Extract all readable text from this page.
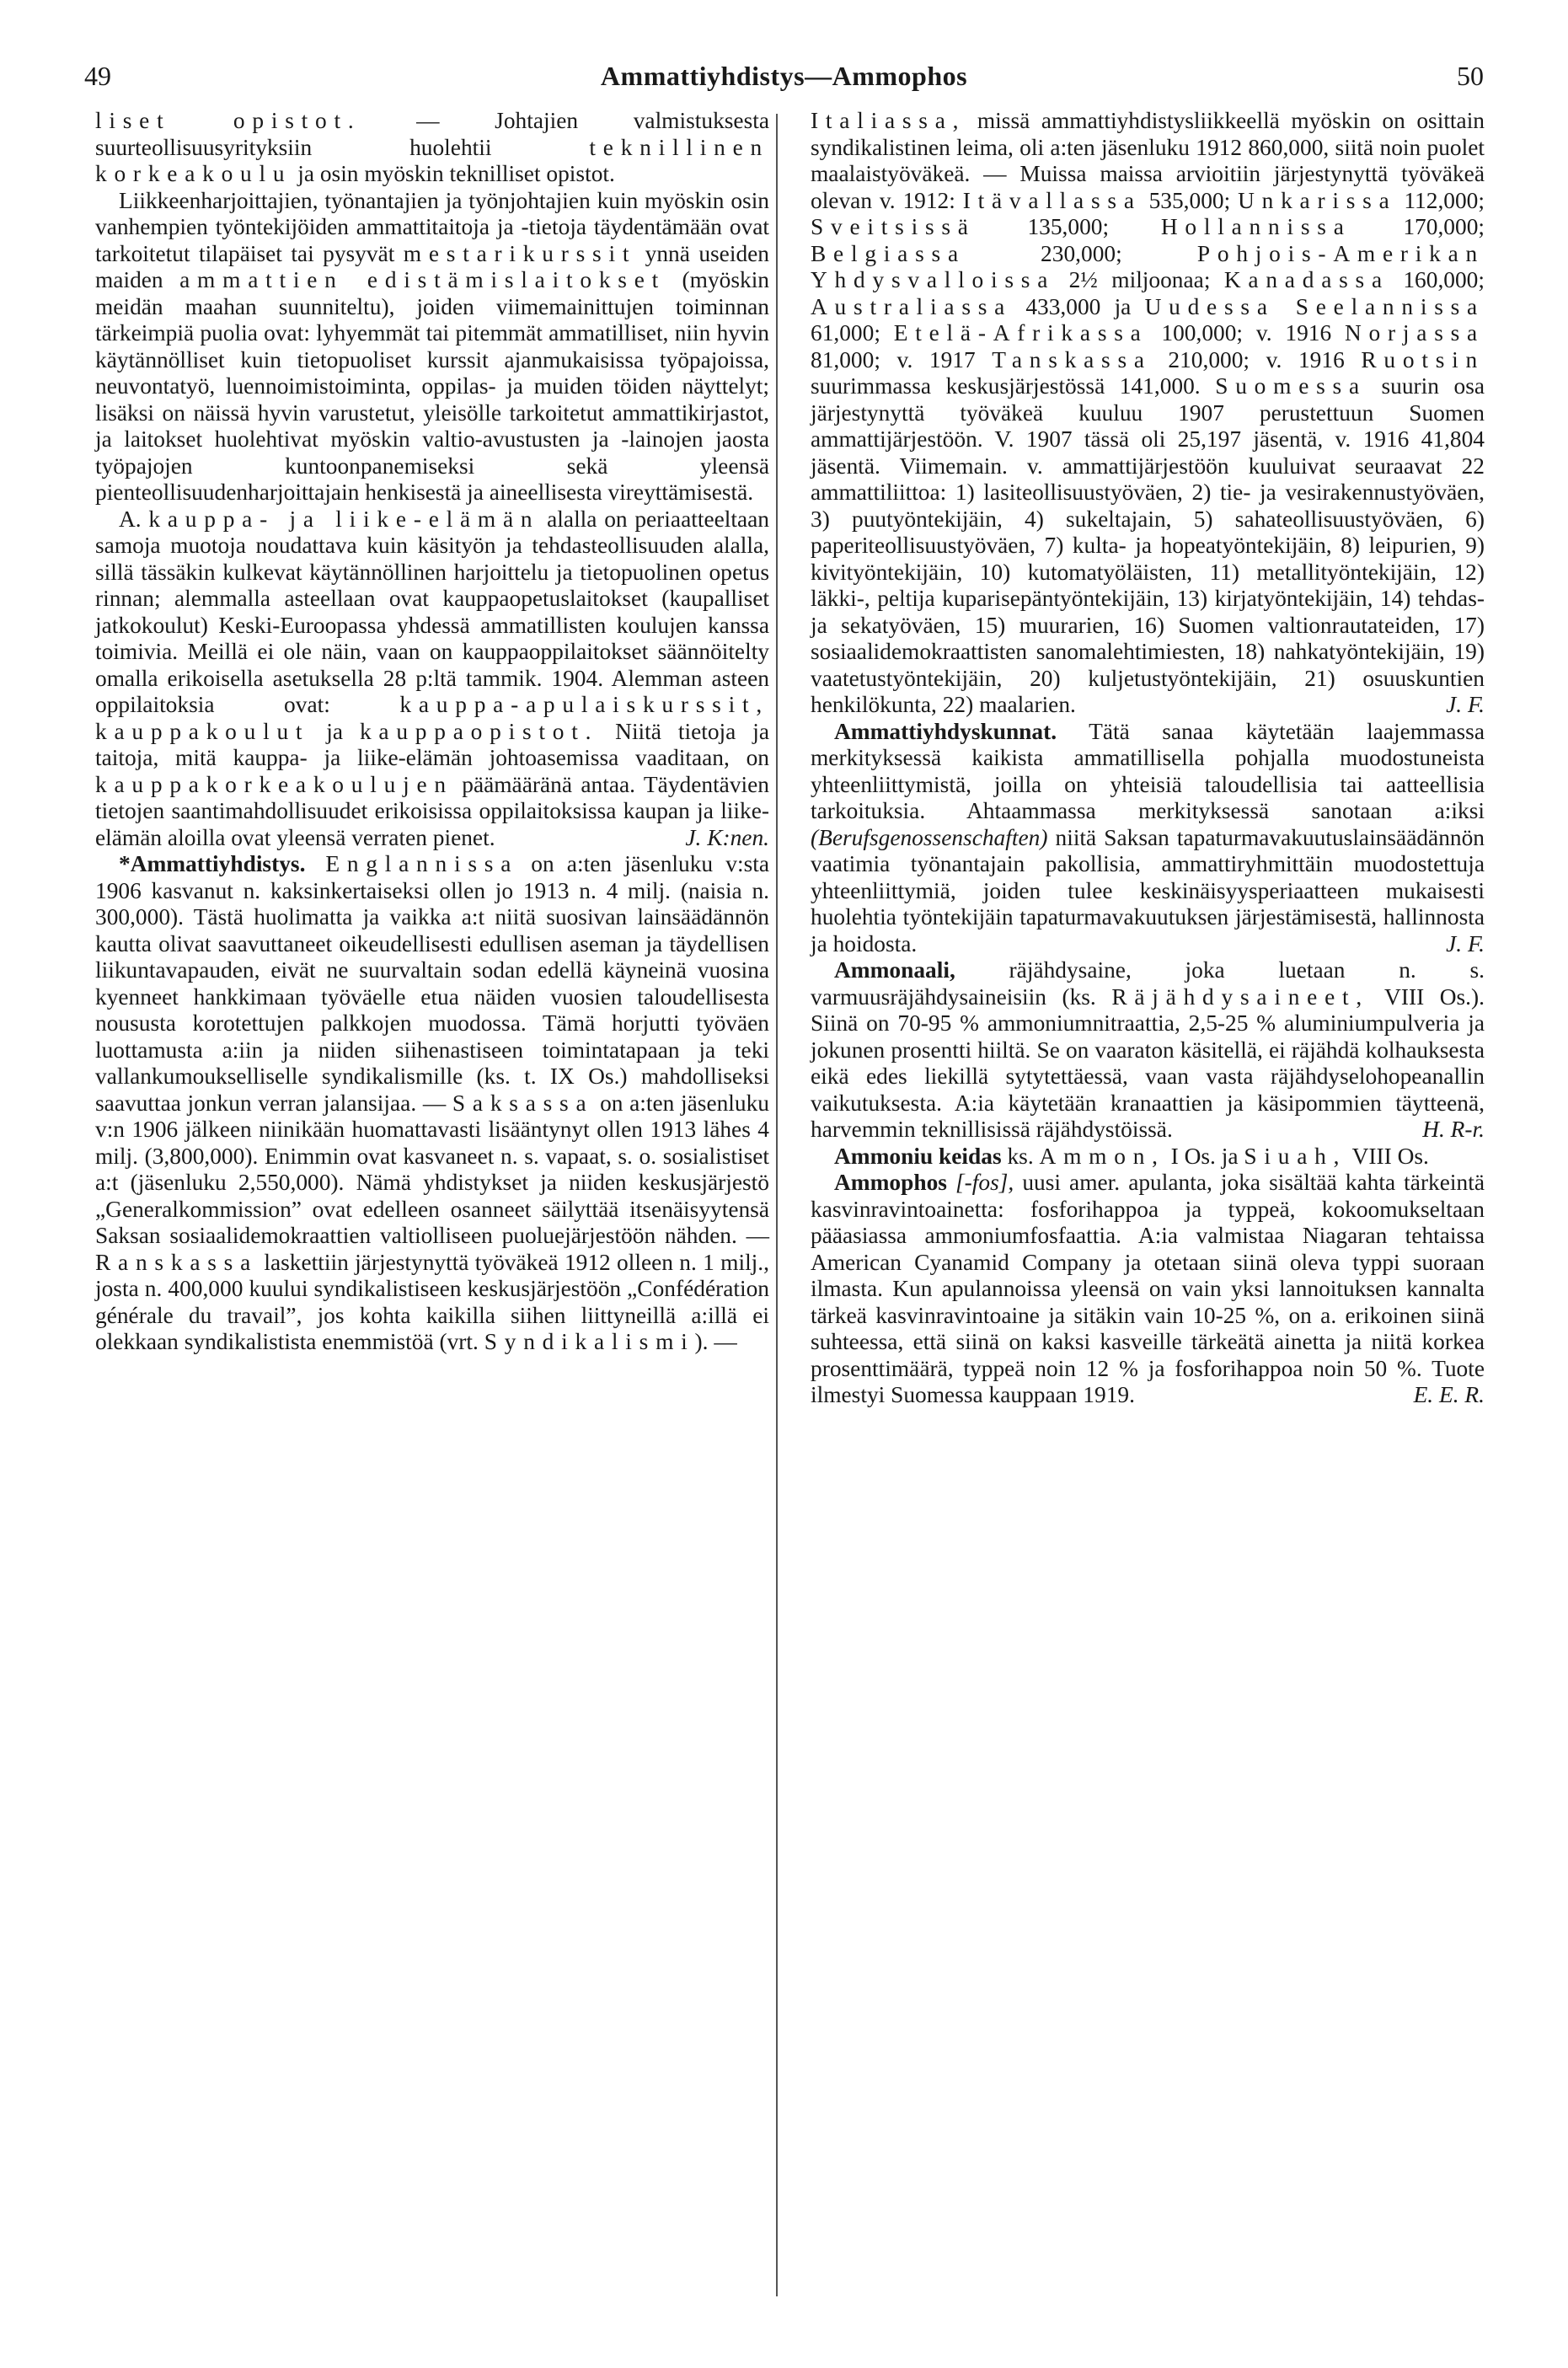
49	Ammattiyhdistys—Ammophos	50

liset opistot. — Johtajien valmistuksesta suurteollisuusyrityksiin huolehtii teknillinen korkeakoulu ja osin myöskin teknilliset opistot.

Liikkeenharjoittajien, työnantajien ja työnjohtajien kuin myöskin osin vanhempien työntekijöiden ammattitaitoja ja -tietoja täydentämään ovat tarkoitetut tilapäiset tai pysyvät mestarikurssit ynnä useiden maiden ammattien edistämislaitokset (myöskin meidän maahan suunniteltu), joiden viimemainittujen toiminnan tärkeimpiä puolia ovat: lyhyemmät tai pitemmät ammatilliset, niin hyvin käytännölliset kuin tietopuoliset kurssit ajanmukaisissa työpajoissa, neuvontatyö, luennoimistoiminta, oppilas- ja muiden töiden näyttelyt; lisäksi on näissä hyvin varustetut, yleisölle tarkoitetut ammattikirjastot, ja laitokset huolehtivat myöskin valtio-avustusten ja -lainojen jaosta työpajojen kuntoonpanemiseksi sekä yleensä pienteollisuudenharjoittajain henkisestä ja aineellisesta vireyttämisestä.

A. kauppa- ja liike-elämän alalla on periaatteeltaan samoja muotoja noudattava kuin käsityön ja tehdasteollisuuden alalla, sillä tässäkin kulkevat käytännöllinen harjoittelu ja tietopuolinen opetus rinnan; alemmalla asteellaan ovat kauppaopetuslaitokset (kaupalliset jatkokoulut) Keski-Euroopassa yhdessä ammatillisten koulujen kanssa toimivia. Meillä ei ole näin, vaan on kauppaoppilaitokset säännöitelty omalla erikoisella asetuksella 28 p:ltä tammik. 1904. Alemman asteen oppilaitoksia ovat: kauppa-apulaiskurssit, kauppakoulut ja kauppaopistot. Niitä tietoja ja taitoja, mitä kauppa- ja liike-elämän johtoasemissa vaaditaan, on kauppakorkeakoulujen päämääränä antaa. Täydentävien tietojen saantimahdollisuudet erikoisissa oppilaitoksissa kaupan ja liike-elämän aloilla ovat yleensä verraten pienet.	J. K:nen.

*Ammattiyhdistys. Englannissa on a:ten jäsenluku v:sta 1906 kasvanut n. kaksinkertaiseksi ollen jo 1913 n. 4 milj. (naisia n. 300,000). Tästä huolimatta ja vaikka a:t niitä suosivan lainsäädännön kautta olivat saavuttaneet oikeudellisesti edullisen aseman ja täydellisen liikuntavapauden, eivät ne suurvaltain sodan edellä käyneinä vuosina kyenneet hankkimaan työväelle etua näiden vuosien taloudellisesta noususta korotettujen palkkojen muodossa. Tämä horjutti työväen luottamusta a:iin ja niiden siihenastiseen toimintatapaan ja teki vallankumoukselliselle syndikalismille (ks. t. IX Os.) mahdolliseksi saavuttaa jonkun verran jalansijaa. — Saksassa on a:ten jäsenluku v:n 1906 jälkeen niinikään huomattavasti lisääntynyt ollen 1913 lähes 4 milj. (3,800,000). Enimmin ovat kasvaneet n. s. vapaat, s. o. sosialistiset a:t (jäsenluku 2,550,000). Nämä yhdistykset ja niiden keskusjärjestö „Generalkommission” ovat edelleen osanneet säilyttää itsenäisyytensä Saksan sosiaalidemokraattien valtiolliseen puoluejärjestöön nähden. — Ranskassa laskettiin järjestynyttä työväkeä 1912 olleen n. 1 milj., josta n. 400,000 kuului syndikalistiseen keskusjärjestöön „Confédération générale du travail”, jos kohta kaikilla siihen liittyneillä a:illä ei olekkaan syndikalistista enemmistöä (vrt. Syndikalismi). —

Italiassa, missä ammattiyhdistysliikkeellä myöskin on osittain syndikalistinen leima, oli a:ten jäsenluku 1912 860,000, siitä noin puolet maalaistyöväkeä. — Muissa maissa arvioitiin järjestynyttä työväkeä olevan v. 1912: Itävallassa 535,000; Unkarissa 112,000; Sveitsissä 135,000; Hollannissa 170,000; Belgiassa 230,000; Pohjois-Amerikan Yhdysvalloissa 2½ miljoonaa; Kanadassa 160,000; Australiassa 433,000 ja Uudessa Seelannissa 61,000; Etelä-Afrikassa 100,000; v. 1916 Norjassa 81,000; v. 1917 Tanskassa 210,000; v. 1916 Ruotsin suurimmassa keskusjärjestössä 141,000. Suomessa suurin osa järjestynyttä työväkeä kuuluu 1907 perustettuun Suomen ammattijärjestöön. V. 1907 tässä oli 25,197 jäsentä, v. 1916 41,804 jäsentä. Viimemain. v. ammattijärjestöön kuuluivat seuraavat 22 ammattiliittoa: 1) lasiteollisuustyöväen, 2) tie- ja vesirakennustyöväen, 3) puutyöntekijäin, 4) sukeltajain, 5) sahateollisuustyöväen, 6) paperiteollisuustyöväen, 7) kulta- ja hopeatyöntekijäin, 8) leipurien, 9) kivityöntekijäin, 10) kutomatyöläisten, 11) metallityöntekijäin, 12) läkki-, peltija kuparisepäntyöntekijäin, 13) kirjatyöntekijäin, 14) tehdas- ja sekatyöväen, 15) muurarien, 16) Suomen valtionrautateiden, 17) sosiaalidemokraattisten sanomalehtimiesten, 18) nahkatyöntekijäin, 19) vaatetustyöntekijäin, 20) kuljetustyöntekijäin, 21) osuuskuntien henkilökunta, 22) maalarien.	J. F.

Ammattiyhdyskunnat. Tätä sanaa käytetään laajemmassa merkityksessä kaikista ammatillisella pohjalla muodostuneista yhteenliittymistä, joilla on yhteisiä taloudellisia tai aatteellisia tarkoituksia. Ahtaammassa merkityksessä sanotaan a:iksi (Berufsgenossenschaften) niitä Saksan tapaturmavakuutuslainsäädännön vaatimia työnantajain pakollisia, ammattiryhmittäin muodostettuja yhteenliittymiä, joiden tulee keskinäisyysperiaatteen mukaisesti huolehtia työntekijäin tapaturmavakuutuksen järjestämisestä, hallinnosta ja hoidosta.	J. F.

Ammonaali, räjähdysaine, joka luetaan n. s. varmuusräjähdysaineisiin (ks. Räjähdysaineet, VIII Os.). Siinä on 70-95 % ammoniumnitraattia, 2,5-25 % aluminiumpulveria ja jokunen prosentti hiiltä. Se on vaaraton käsitellä, ei räjähdä kolhauksesta eikä edes liekillä sytytettäessä, vaan vasta räjähdyselohopeanallin vaikutuksesta. A:ia käytetään kranaattien ja käsipommien täytteenä, harvemmin teknillisissä räjähdystöissä.	H. R-r.

Ammoniu keidas ks. Ammon, I Os. ja Siuah, VIII Os.

Ammophos [-fos], uusi amer. apulanta, joka sisältää kahta tärkeintä kasvinravintoainetta: fosforihappoa ja typpeä, kokoomukseltaan pääasiassa ammoniumfosfaattia. A:ia valmistaa Niagaran tehtaissa American Cyanamid Company ja otetaan siinä oleva typpi suoraan ilmasta. Kun apulannoissa yleensä on vain yksi lannoituksen kannalta tärkeä kasvinravintoaine ja sitäkin vain 10-25 %, on a. erikoinen siinä suhteessa, että siinä on kaksi kasveille tärkeätä ainetta ja niitä korkea prosenttimäärä, typpeä noin 12 % ja fosforihappoa noin 50 %. Tuote ilmestyi Suomessa kauppaan 1919.	E. E. R.
